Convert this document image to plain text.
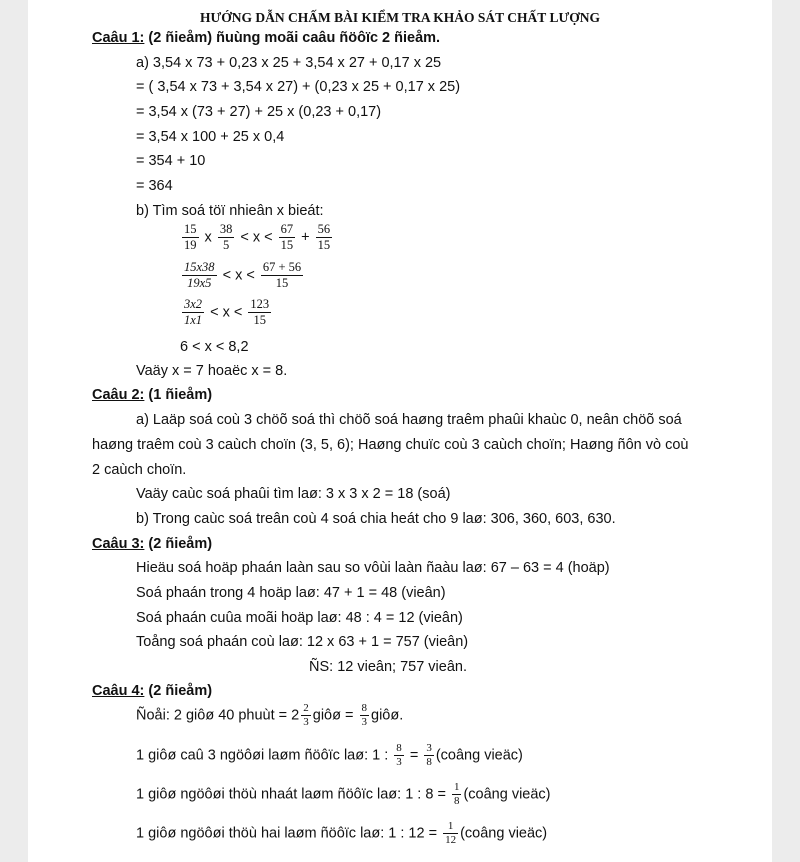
HƯỚNG DẪN CHẤM BÀI KIỂM TRA KHẢO SÁT CHẤT LƯỢNG
Caâu 1: (2 ñieåm) ñuùng moãi caâu ñöôïc 2 ñieåm.
a) 3,54 x 73 + 0,23 x 25 + 3,54 x 27 + 0,17 x 25
= ( 3,54 x 73 + 3,54 x 27) + (0,23 x 25 + 0,17 x 25)
= 3,54 x (73 + 27) + 25 x (0,23 + 0,17)
= 3,54 x 100 + 25 x 0,4
= 354 + 10
= 364
b) Tìm soá töï nhieân x bieát:
$\frac{15}{19}$ x $\frac{38}{5} < x < \frac{67}{15} + \frac{56}{15}$
$\frac{15x38}{19x5} < x < \frac{67 + 56}{15}$
$\frac{3x2}{1x1} < x < \frac{123}{15}$
6 < x < 8,2
Vaäy x = 7 hoaëc x = 8.
Caâu 2: (1 ñieåm)
a) Laäp soá coù 3 chöõ soá thì chöõ soá haøng traêm phaûi khaùc 0, neân chöõ soá
haøng traêm coù 3 caùch choïn (3, 5, 6); Haøng chuïc coù 3 caùch choïn; Haøng ñôn vò coù
2 caùch choïn.
Vaäy caùc soá phaûi tìm laø: 3 x 3 x 2 = 18 (soá)
b) Trong caùc soá treân coù 4 soá chia heát cho 9 laø: 306, 360, 603, 630.
Caâu 3: (2 ñieåm)
Hieäu soá hoäp phaán laàn sau so vôùi laàn ñaàu laø: 67 – 63 = 4 (hoäp)
Soá phaán trong 4 hoäp laø: 47 + 1 = 48 (vieân)
Soá phaán cuûa moãi hoäp laø: 48 : 4 = 12 (vieân)
Toång soá phaán coù laø: 12 x 63 + 1 = 757 (vieân)
ÑS: 12 vieân; 757 vieân.
Caâu 4: (2 ñieåm)
Ñoåi: 2 giôø 40 phuùt = $2 \frac{2}{3}$ giôø = $\frac{8}{3}$ giôø.
1 giôø caû 3 ngöôøi laøm ñöôïc laø: 1 : $\frac{8}{3} = \frac{3}{8}$ (coâng vieäc)
1 giôø ngöôøi thöù nhaát laøm ñöôïc laø: 1 : $8 = \frac{1}{8}$ (coâng vieäc)
1 giôø ngöôøi thöù hai laøm ñöôïc laø: 1 : $12 = \frac{1}{12}$ (coâng vieäc)
